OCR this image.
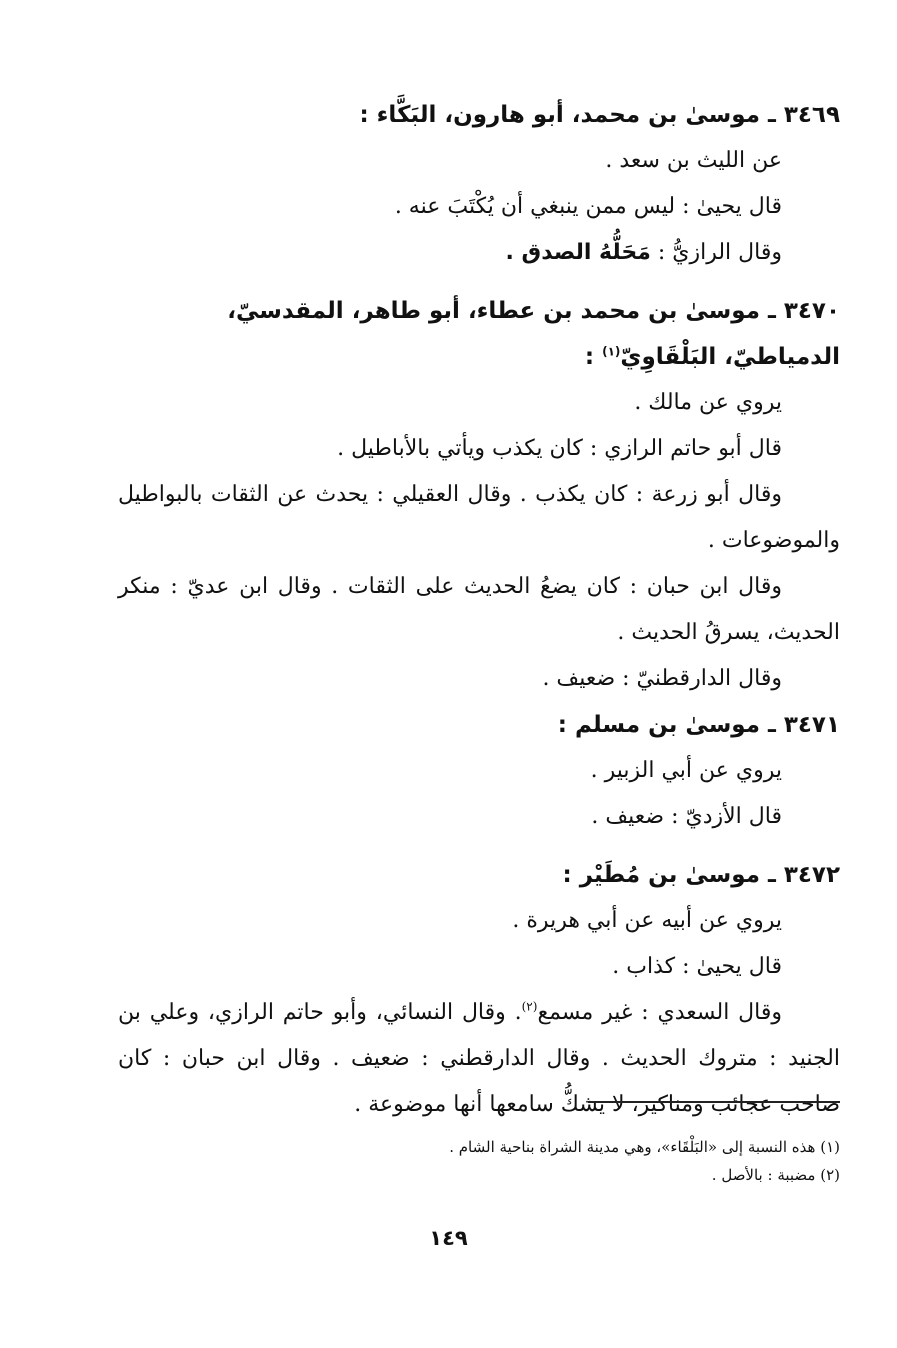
٣٤٦٩ ـ موسىٰ بن محمد، أبو هارون، البَكَّاء :

عن الليث بن سعد .

قال يحيىٰ : ليس ممن ينبغي أن يُكْتَبَ عنه .

وقال الرازيُّ : مَحَلُّهُ الصدق .

٣٤٧٠ ـ موسىٰ بن محمد بن عطاء، أبو طاهر، المقدسيّ، الدمياطيّ، البَلْقَاوِيّ$^{(١)}$ :

يروي عن مالك .

قال أبو حاتم الرازي : كان يكذب ويأتي بالأباطيل .

وقال أبو زرعة : كان يكذب . وقال العقيلي : يحدث عن الثقات بالبواطيل والموضوعات .

وقال ابن حبان : كان يضعُ الحديث على الثقات . وقال ابن عديّ : منكر الحديث، يسرقُ الحديث .

وقال الدارقطنيّ : ضعيف .

٣٤٧١ ـ موسىٰ بن مسلم :

يروي عن أبي الزبير .

قال الأزديّ : ضعيف .

٣٤٧٢ ـ موسىٰ بن مُطَيْر :

يروي عن أبيه عن أبي هريرة .

قال يحيىٰ : كذاب .

وقال السعدي : غير مسمع$^{(٢)}$. وقال النسائي، وأبو حاتم الرازي، وعلي بن الجنيد : متروك الحديث . وقال الدارقطني : ضعيف . وقال ابن حبان : كان صاحب عجائب ومناكير، لا يشكُّ سامعها أنها موضوعة .

(١) هذه النسبة إلى «البَلْقَاء»، وهي مدينة الشراة بناحية الشام .
(٢) مضببة : بالأصل .
١٤٩
